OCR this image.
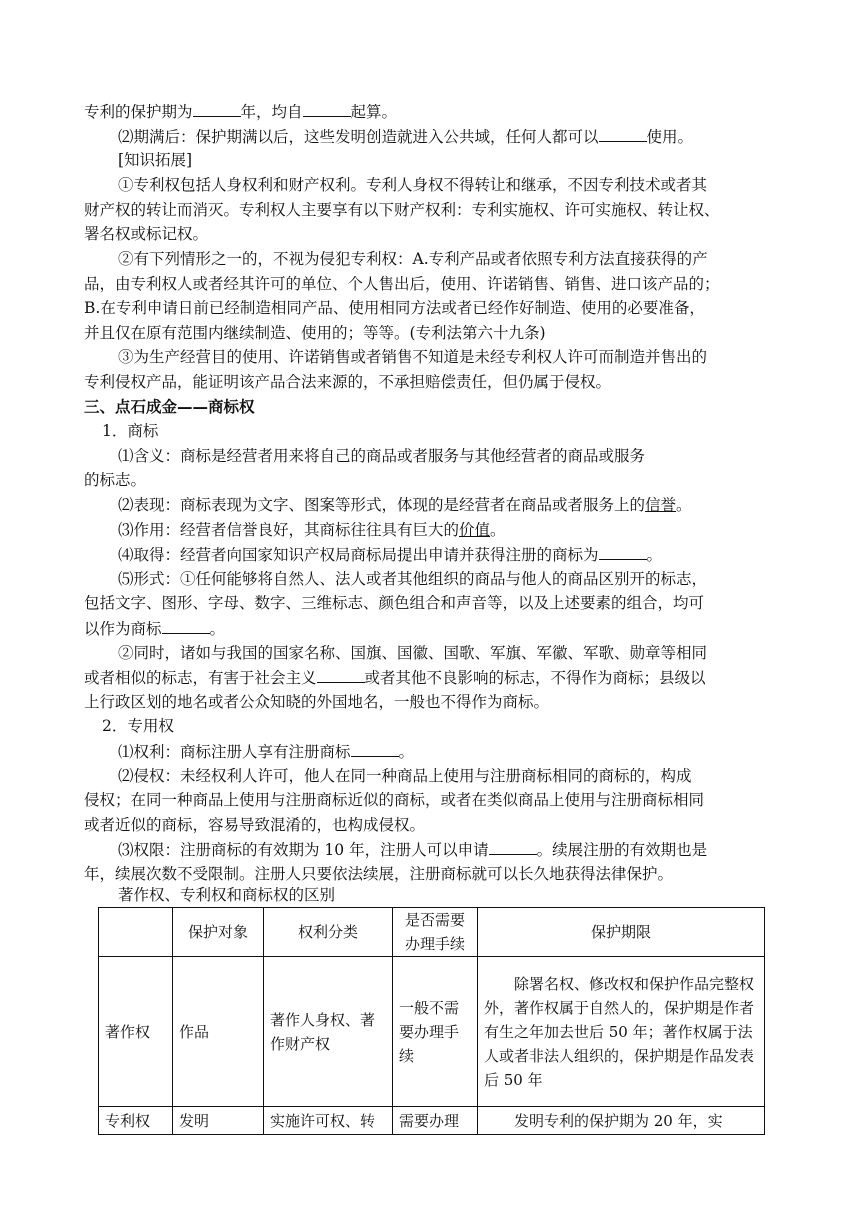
专利的保护期为	年，均自	起算。
⑵期满后：保护期满以后，这些发明创造就进入公共域，任何人都可以	使用。
[知识拓展]
①专利权包括人身权利和财产权利。专利人身权不得转让和继承，不因专利技术或者其
财产权的转让而消灭。专利权人主要享有以下财产权利：专利实施权、许可实施权、转让权、
署名权或标记权。
②有下列情形之一的，不视为侵犯专利权：A.专利产品或者依照专利方法直接获得的产
品，由专利权人或者经其许可的单位、个人售出后，使用、许诺销售、销售、进口该产品的；
B.在专利申请日前已经制造相同产品、使用相同方法或者已经作好制造、使用的必要准备，
并且仅在原有范围内继续制造、使用的；等等。(专利法第六十九条)
③为生产经营目的使用、许诺销售或者销售不知道是未经专利权人许可而制造并售出的
专利侵权产品，能证明该产品合法来源的，不承担赔偿责任，但仍属于侵权。
三、点石成金——商标权
1．商标
⑴含义：商标是经营者用来将自己的商品或者服务与其他经营者的商品或服务
的标志。
⑵表现：商标表现为文字、图案等形式，体现的是经营者在商品或者服务上的信誉。
⑶作用：经营者信誉良好，其商标往往具有巨大的价值。
⑷取得：经营者向国家知识产权局商标局提出申请并获得注册的商标为	。
⑸形式：①任何能够将自然人、法人或者其他组织的商品与他人的商品区别开的标志，
包括文字、图形、字母、数字、三维标志、颜色组合和声音等，以及上述要素的组合，均可
以作为商标	。
②同时，诸如与我国的国家名称、国旗、国徽、国歌、军旗、军徽、军歌、勋章等相同
或者相似的标志，有害于社会主义	或者其他不良影响的标志，不得作为商标；县级以
上行政区划的地名或者公众知晓的外国地名，一般也不得作为商标。
2．专用权
⑴权利：商标注册人享有注册商标	。
⑵侵权：未经权利人许可，他人在同一种商品上使用与注册商标相同的商标的，构成
侵权；在同一种商品上使用与注册商标近似的商标，或者在类似商品上使用与注册商标相同
或者近似的商标，容易导致混淆的，也构成侵权。
⑶权限：注册商标的有效期为 10 年，注册人可以申请	。续展注册的有效期也是
年，续展次数不受限制。注册人只要依法续展，注册商标就可以长久地获得法律保护。
著作权、专利权和商标权的区别
	保护对象	权利分类	是否需要办理手续	保护期限
著作权	作品	著作人身权、著作财产权	一般不需要办理手续	除署名权、修改权和保护作品完整权外，著作权属于自然人的，保护期是作者有生之年加去世后 50 年；著作权属于法人或者非法人组织的，保护期是作品发表后 50 年
专利权	发明	实施许可权、转	需要办理	发明专利的保护期为 20 年，实
